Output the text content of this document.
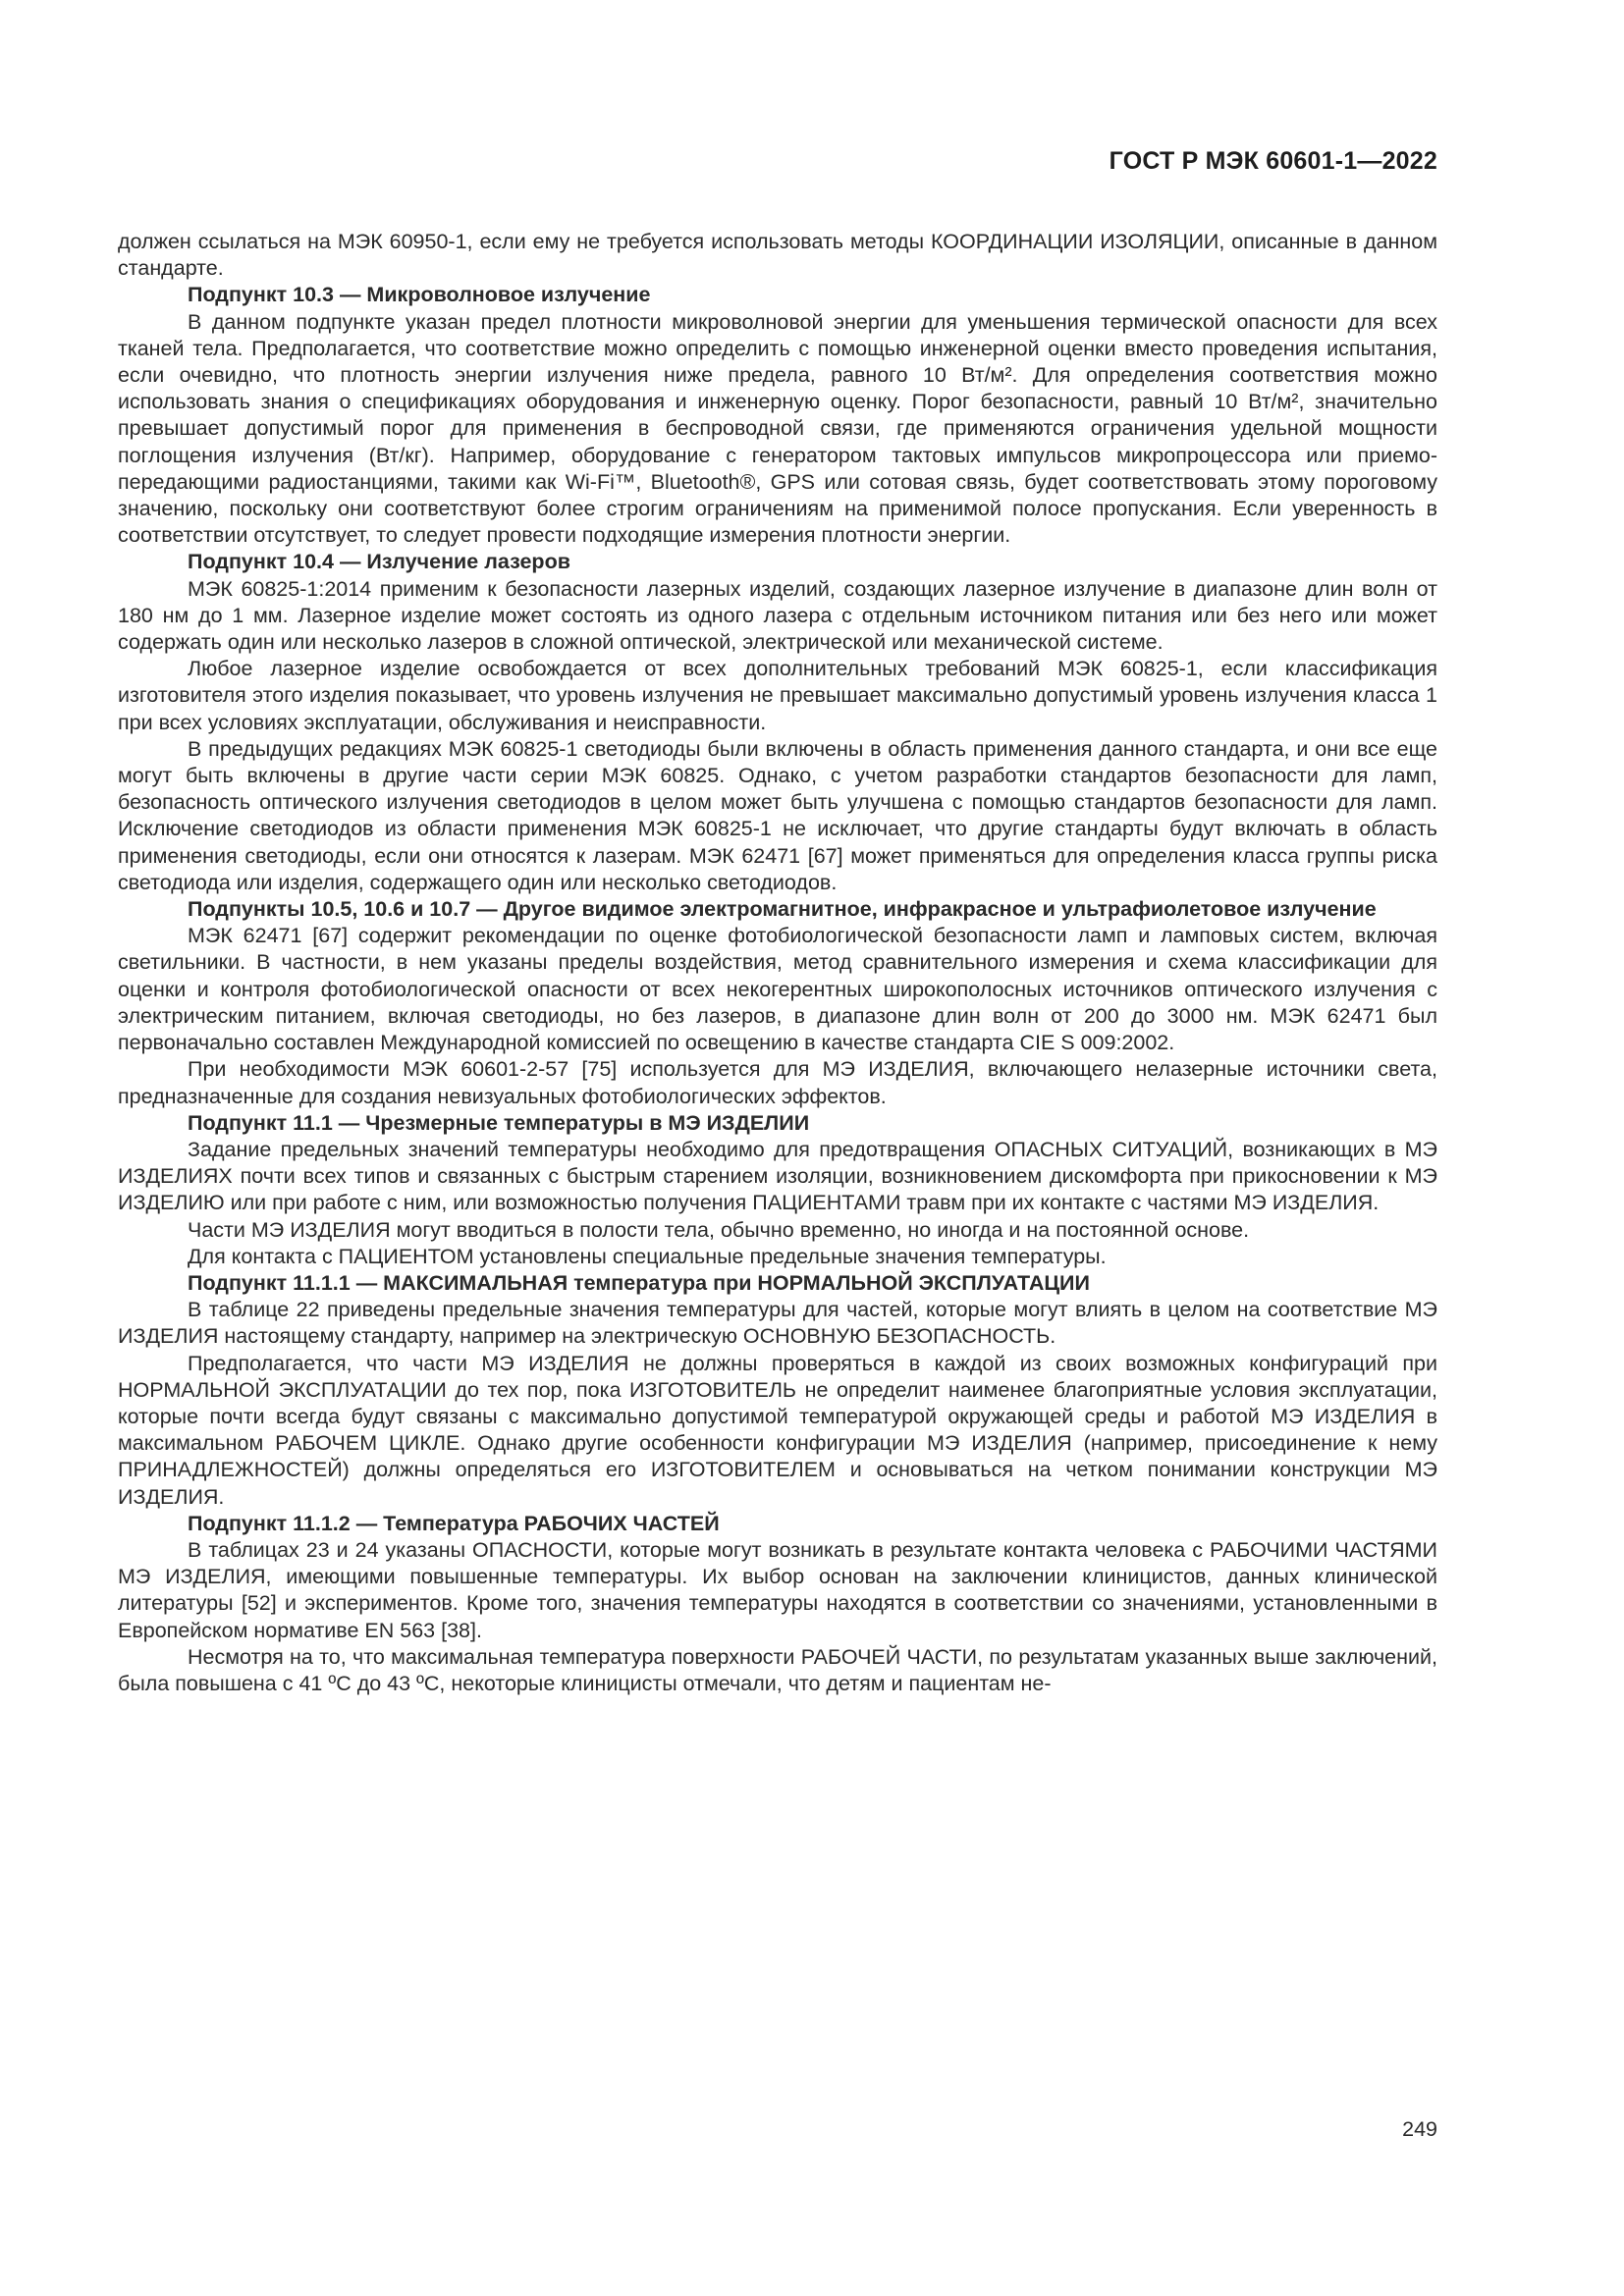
ГОСТ Р МЭК 60601-1—2022

должен ссылаться на МЭК 60950-1, если ему не требуется использовать методы КООРДИНАЦИИ ИЗОЛЯЦИИ, описанные в данном стандарте.

Подпункт 10.3 — Микроволновое излучение

В данном подпункте указан предел плотности микроволновой энергии для уменьшения термической опасности для всех тканей тела. Предполагается, что соответствие можно определить с помощью инженерной оценки вместо проведения испытания, если очевидно, что плотность энергии излучения ниже предела, равного 10 Вт/м². Для определения соответствия можно использовать знания о спецификациях оборудования и инженерную оценку. Порог безопасности, равный 10 Вт/м², значительно превышает допустимый порог для применения в беспроводной связи, где применяются ограничения удельной мощности поглощения излучения (Вт/кг). Например, оборудование с генератором тактовых импульсов микропроцессора или приемо-передающими радиостанциями, такими как Wi-Fi™, Bluetooth®, GPS или сотовая связь, будет соответствовать этому пороговому значению, поскольку они соответствуют более строгим ограничениям на применимой полосе пропускания. Если уверенность в соответствии отсутствует, то следует провести подходящие измерения плотности энергии.

Подпункт 10.4 — Излучение лазеров

МЭК 60825-1:2014 применим к безопасности лазерных изделий, создающих лазерное излучение в диапазоне длин волн от 180 нм до 1 мм. Лазерное изделие может состоять из одного лазера с отдельным источником питания или без него или может содержать один или несколько лазеров в сложной оптической, электрической или механической системе.

Любое лазерное изделие освобождается от всех дополнительных требований МЭК 60825-1, если классификация изготовителя этого изделия показывает, что уровень излучения не превышает максимально допустимый уровень излучения класса 1 при всех условиях эксплуатации, обслуживания и неисправности.

В предыдущих редакциях МЭК 60825-1 светодиоды были включены в область применения данного стандарта, и они все еще могут быть включены в другие части серии МЭК 60825. Однако, с учетом разработки стандартов безопасности для ламп, безопасность оптического излучения светодиодов в целом может быть улучшена с помощью стандартов безопасности для ламп. Исключение светодиодов из области применения МЭК 60825-1 не исключает, что другие стандарты будут включать в область применения светодиоды, если они относятся к лазерам. МЭК 62471 [67] может применяться для определения класса группы риска светодиода или изделия, содержащего один или несколько светодиодов.

Подпункты 10.5, 10.6 и 10.7 — Другое видимое электромагнитное, инфракрасное и ультрафиолетовое излучение

МЭК 62471 [67] содержит рекомендации по оценке фотобиологической безопасности ламп и ламповых систем, включая светильники. В частности, в нем указаны пределы воздействия, метод сравнительного измерения и схема классификации для оценки и контроля фотобиологической опасности от всех некогерентных широкополосных источников оптического излучения с электрическим питанием, включая светодиоды, но без лазеров, в диапазоне длин волн от 200 до 3000 нм. МЭК 62471 был первоначально составлен Международной комиссией по освещению в качестве стандарта CIE S 009:2002.

При необходимости МЭК 60601-2-57 [75] используется для МЭ ИЗДЕЛИЯ, включающего нелазерные источники света, предназначенные для создания невизуальных фотобиологических эффектов.

Подпункт 11.1 — Чрезмерные температуры в МЭ ИЗДЕЛИИ

Задание предельных значений температуры необходимо для предотвращения ОПАСНЫХ СИТУАЦИЙ, возникающих в МЭ ИЗДЕЛИЯХ почти всех типов и связанных с быстрым старением изоляции, возникновением дискомфорта при прикосновении к МЭ ИЗДЕЛИЮ или при работе с ним, или возможностью получения ПАЦИЕНТАМИ травм при их контакте с частями МЭ ИЗДЕЛИЯ.

Части МЭ ИЗДЕЛИЯ могут вводиться в полости тела, обычно временно, но иногда и на постоянной основе.

Для контакта с ПАЦИЕНТОМ установлены специальные предельные значения температуры.

Подпункт 11.1.1 — МАКСИМАЛЬНАЯ температура при НОРМАЛЬНОЙ ЭКСПЛУАТАЦИИ

В таблице 22 приведены предельные значения температуры для частей, которые могут влиять в целом на соответствие МЭ ИЗДЕЛИЯ настоящему стандарту, например на электрическую ОСНОВНУЮ БЕЗОПАСНОСТЬ.

Предполагается, что части МЭ ИЗДЕЛИЯ не должны проверяться в каждой из своих возможных конфигураций при НОРМАЛЬНОЙ ЭКСПЛУАТАЦИИ до тех пор, пока ИЗГОТОВИТЕЛЬ не определит наименее благоприятные условия эксплуатации, которые почти всегда будут связаны с максимально допустимой температурой окружающей среды и работой МЭ ИЗДЕЛИЯ в максимальном РАБОЧЕМ ЦИКЛЕ. Однако другие особенности конфигурации МЭ ИЗДЕЛИЯ (например, присоединение к нему ПРИНАДЛЕЖНОСТЕЙ) должны определяться его ИЗГОТОВИТЕЛЕМ и основываться на четком понимании конструкции МЭ ИЗДЕЛИЯ.

Подпункт 11.1.2 — Температура РАБОЧИХ ЧАСТЕЙ

В таблицах 23 и 24 указаны ОПАСНОСТИ, которые могут возникать в результате контакта человека с РАБОЧИМИ ЧАСТЯМИ МЭ ИЗДЕЛИЯ, имеющими повышенные температуры. Их выбор основан на заключении клиницистов, данных клинической литературы [52] и экспериментов. Кроме того, значения температуры находятся в соответствии со значениями, установленными в Европейском нормативе EN 563 [38].

Несмотря на то, что максимальная температура поверхности РАБОЧЕЙ ЧАСТИ, по результатам указанных выше заключений, была повышена с 41 ºC до 43 ºC, некоторые клиницисты отмечали, что детям и пациентам не-

249
